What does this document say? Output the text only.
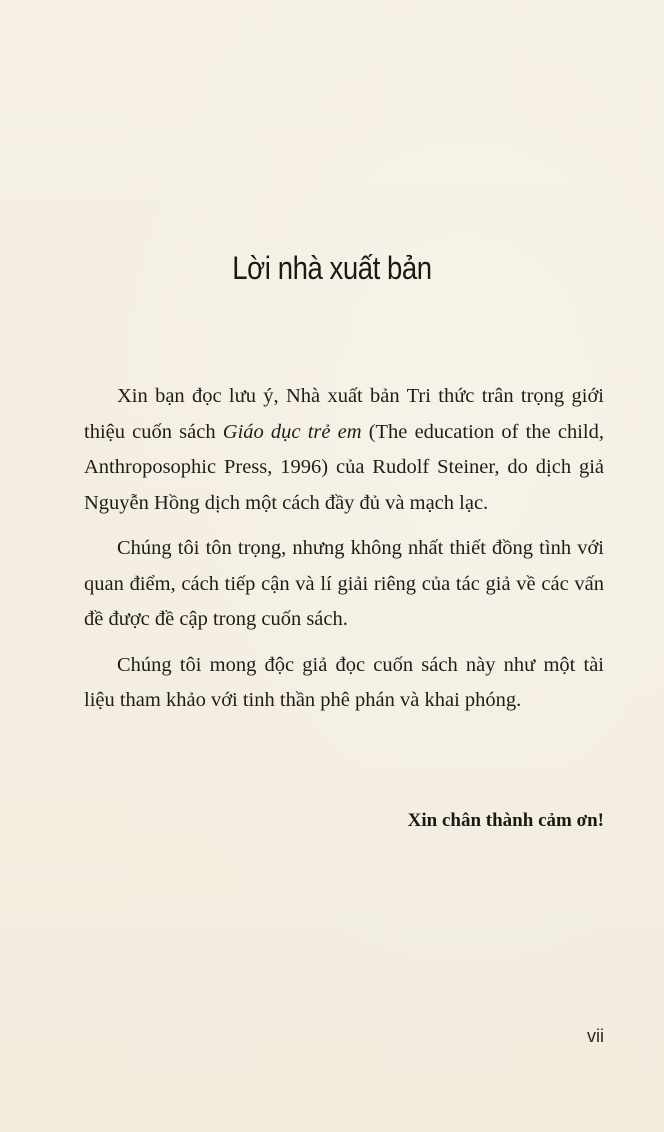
Lời nhà xuất bản

Xin bạn đọc lưu ý, Nhà xuất bản Tri thức trân trọng giới thiệu cuốn sách Giáo dục trẻ em (The education of the child, Anthroposophic Press, 1996) của Rudolf Steiner, do dịch giả Nguyễn Hồng dịch một cách đầy đủ và mạch lạc.

Chúng tôi tôn trọng, nhưng không nhất thiết đồng tình với quan điểm, cách tiếp cận và lí giải riêng của tác giả về các vấn đề được đề cập trong cuốn sách.

Chúng tôi mong độc giả đọc cuốn sách này như một tài liệu tham khảo với tinh thần phê phán và khai phóng.

Xin chân thành cảm ơn!
vii
